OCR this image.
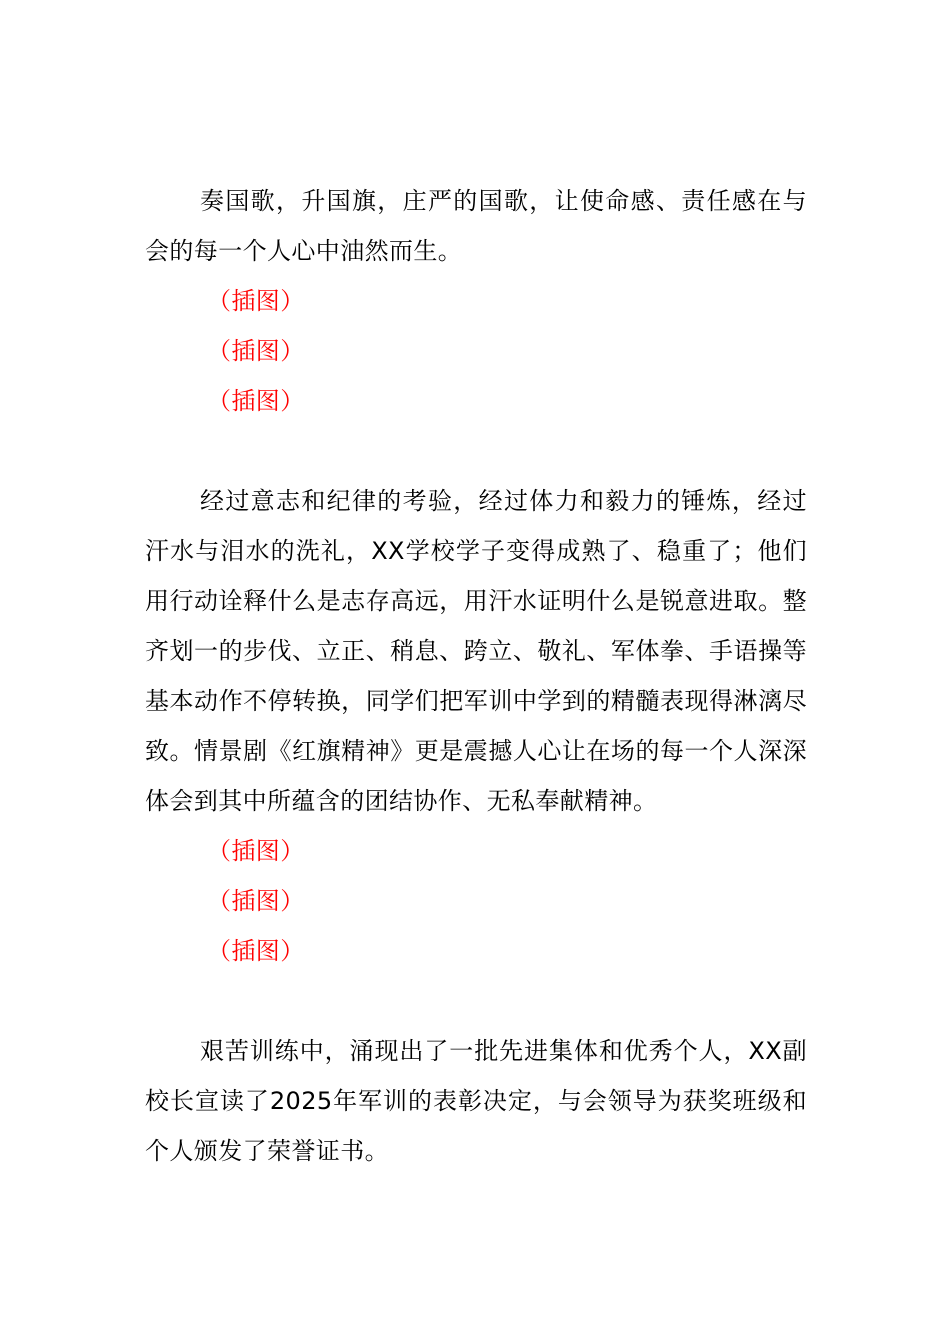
奏国歌，升国旗，庄严的国歌，让使命感、责任感在与会的每一个人心中油然而生。

（插图）

（插图）

（插图）

经过意志和纪律的考验，经过体力和毅力的锤炼，经过汗水与泪水的洗礼，XX学校学子变得成熟了、稳重了；他们用行动诠释什么是志存高远，用汗水证明什么是锐意进取。整齐划一的步伐、立正、稍息、跨立、敬礼、军体拳、手语操等基本动作不停转换，同学们把军训中学到的精髓表现得淋漓尽致。情景剧《红旗精神》更是震撼人心让在场的每一个人深深体会到其中所蕴含的团结协作、无私奉献精神。

（插图）

（插图）

（插图）

艰苦训练中，涌现出了一批先进集体和优秀个人，XX副校长宣读了2025年军训的表彰决定，与会领导为获奖班级和个人颁发了荣誉证书。
